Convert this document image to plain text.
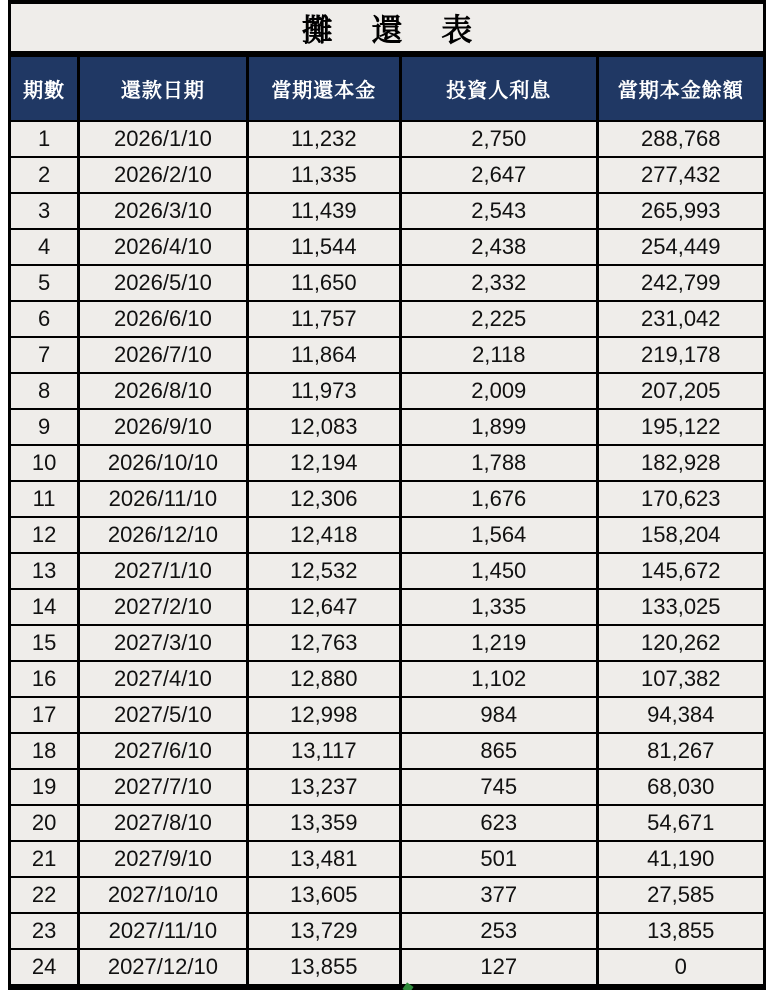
攤 還 表
期數	還款日期	當期還本金	投資人利息	當期本金餘額
1	2026/1/10	11,232	2,750	288,768
2	2026/2/10	11,335	2,647	277,432
3	2026/3/10	11,439	2,543	265,993
4	2026/4/10	11,544	2,438	254,449
5	2026/5/10	11,650	2,332	242,799
6	2026/6/10	11,757	2,225	231,042
7	2026/7/10	11,864	2,118	219,178
8	2026/8/10	11,973	2,009	207,205
9	2026/9/10	12,083	1,899	195,122
10	2026/10/10	12,194	1,788	182,928
11	2026/11/10	12,306	1,676	170,623
12	2026/12/10	12,418	1,564	158,204
13	2027/1/10	12,532	1,450	145,672
14	2027/2/10	12,647	1,335	133,025
15	2027/3/10	12,763	1,219	120,262
16	2027/4/10	12,880	1,102	107,382
17	2027/5/10	12,998	984	94,384
18	2027/6/10	13,117	865	81,267
19	2027/7/10	13,237	745	68,030
20	2027/8/10	13,359	623	54,671
21	2027/9/10	13,481	501	41,190
22	2027/10/10	13,605	377	27,585
23	2027/11/10	13,729	253	13,855
24	2027/12/10	13,855	127	0
